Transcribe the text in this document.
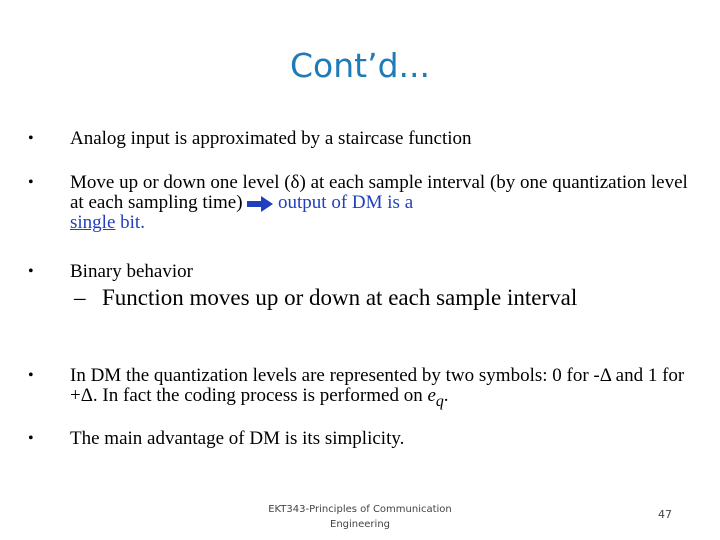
Cont’d...
• Analog input is approximated by a staircase function
• Move up or down one level (δ) at each sample interval (by one quantization level at each sampling time) output of DM is a
single bit.
• Binary behavior
– Function moves up or down at each sample interval
• In DM the quantization levels are represented by two symbols: 0 for -Δ and 1 for +Δ. In fact the coding process is performed on $e_q$.
• The main advantage of DM is its simplicity.
EKT343-Principles of Communication Engineering
47
